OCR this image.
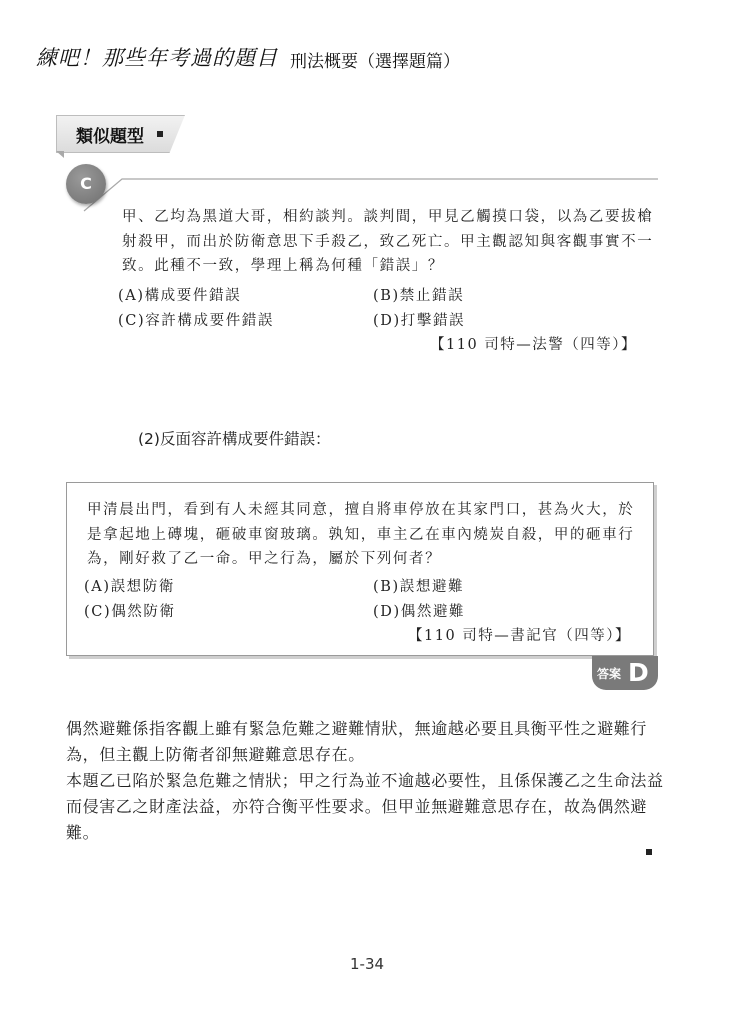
練吧！那些年考過的題目 刑法概要（選擇題篇）
類似題型
C
甲、乙均為黑道大哥，相約談判。談判間，甲見乙觸摸口袋，以為乙要拔槍射殺甲，而出於防衛意思下手殺乙，致乙死亡。甲主觀認知與客觀事實不一致。此種不一致，學理上稱為何種「錯誤」？
(A)構成要件錯誤	(B)禁止錯誤
(C)容許構成要件錯誤	(D)打擊錯誤
【110 司特—法警（四等）】
(2)反面容許構成要件錯誤：
甲清晨出門，看到有人未經其同意，擅自將車停放在其家門口，甚為火大，於是拿起地上磚塊，砸破車窗玻璃。孰知，車主乙在車內燒炭自殺，甲的砸車行為，剛好救了乙一命。甲之行為，屬於下列何者？
(A)誤想防衛	(B)誤想避難
(C)偶然防衛	(D)偶然避難
【110 司特—書記官（四等）】
答案 D
偶然避難係指客觀上雖有緊急危難之避難情狀，無逾越必要且具衡平性之避難行為，但主觀上防衛者卻無避難意思存在。
本題乙已陷於緊急危難之情狀；甲之行為並不逾越必要性，且係保護乙之生命法益而侵害乙之財產法益，亦符合衡平性要求。但甲並無避難意思存在，故為偶然避難。
1-34
